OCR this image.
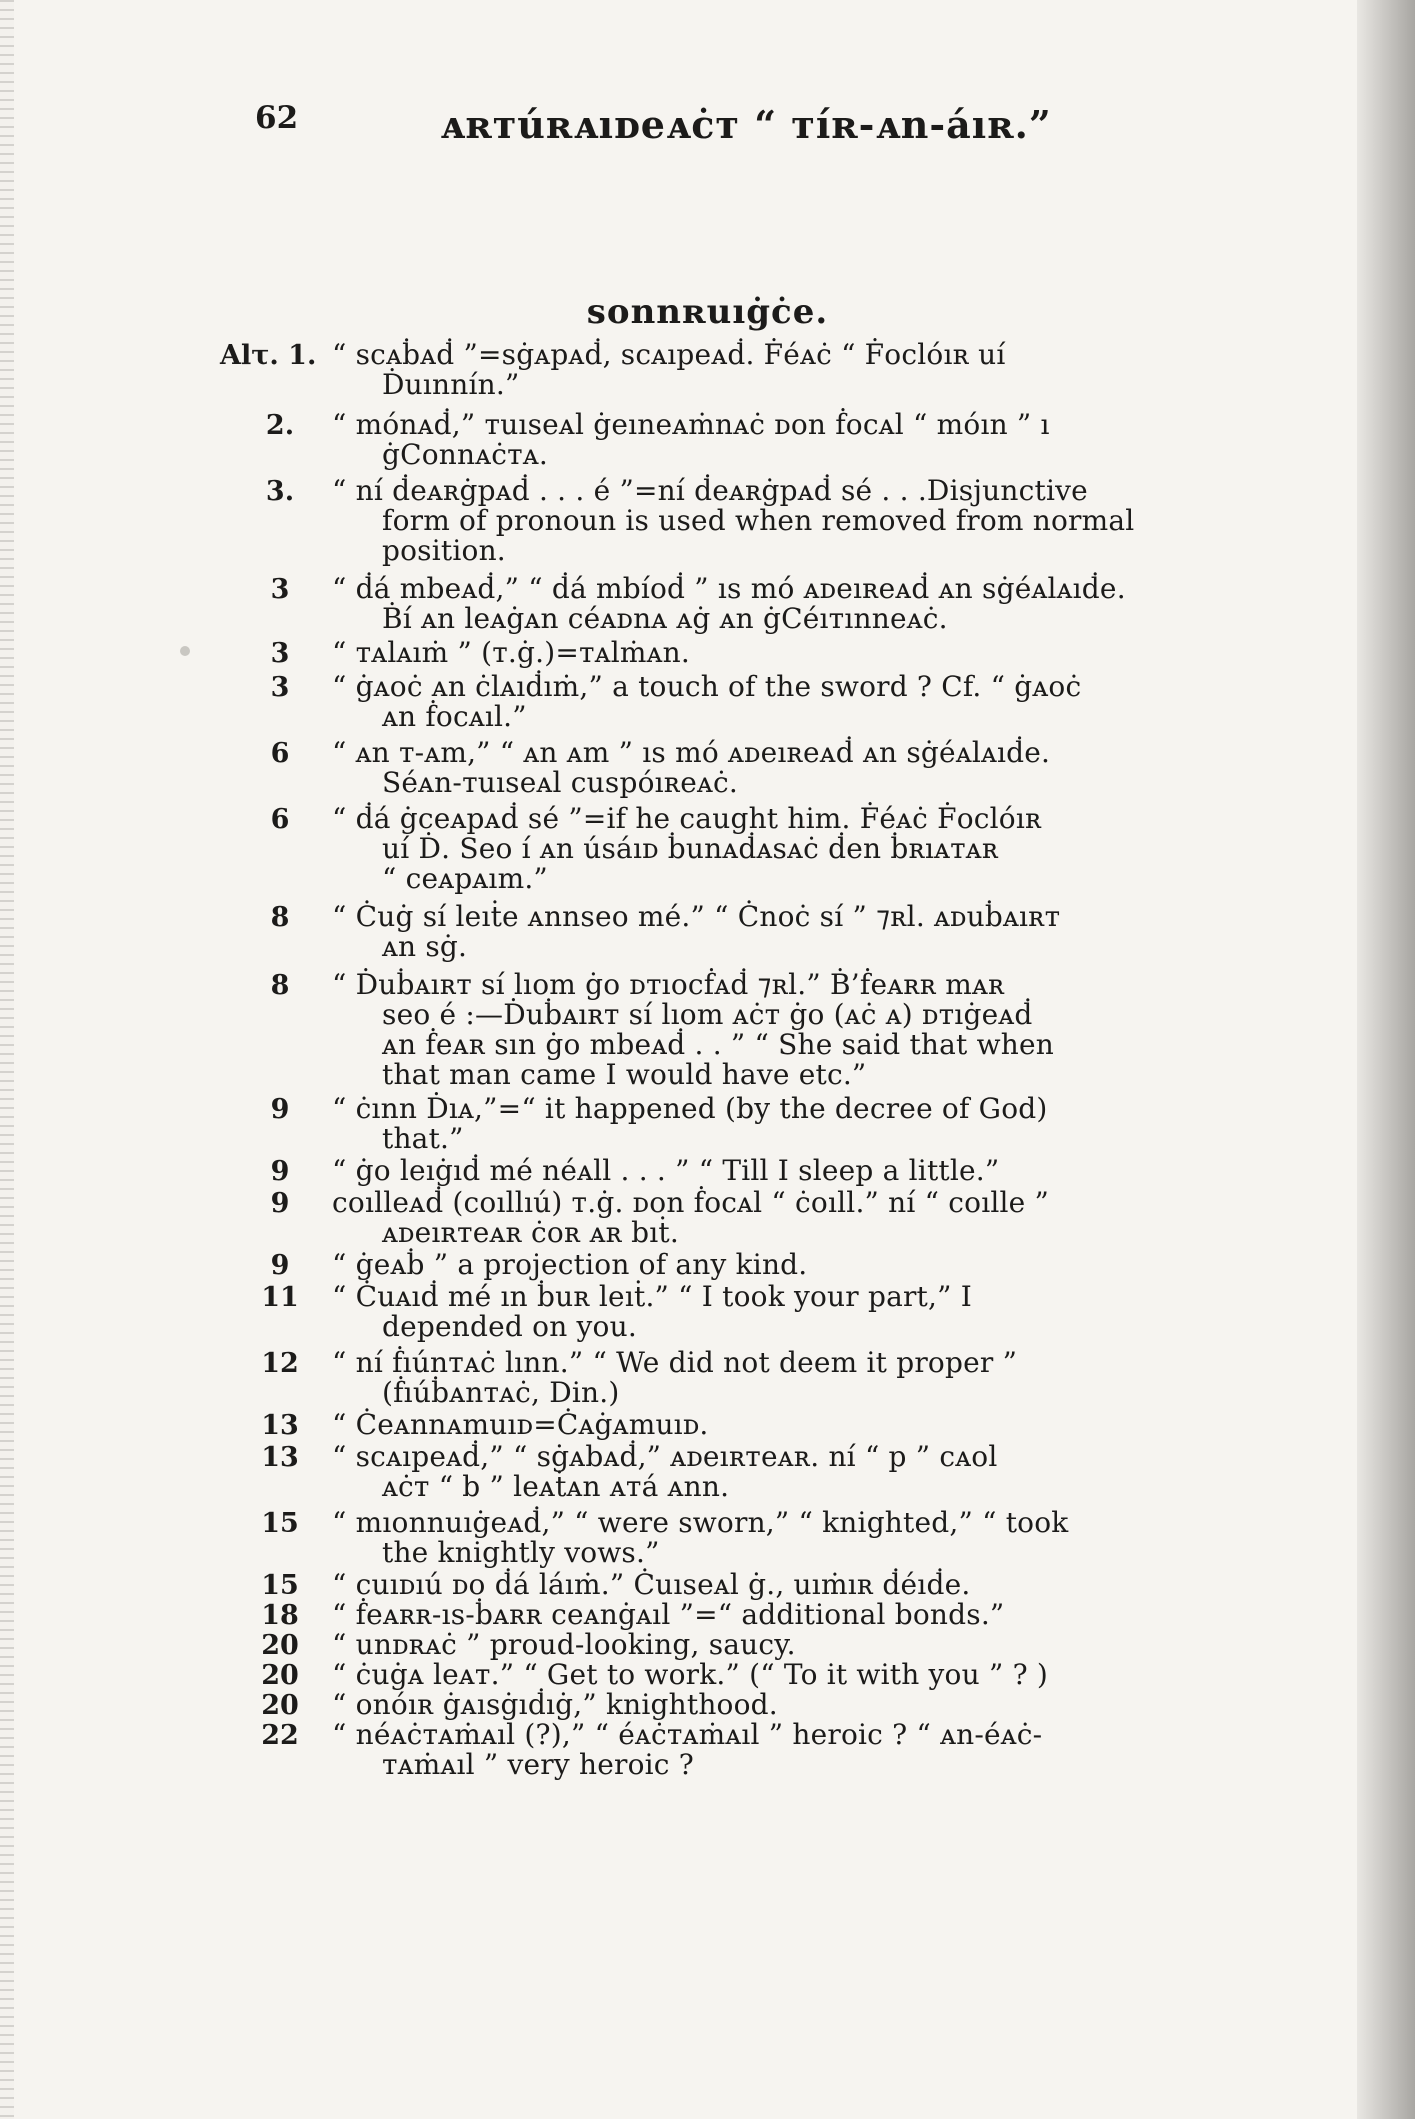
62	ᴀʀᴛúʀᴀıᴅeᴀċᴛ “ ᴛíʀ-ᴀn-áıʀ.”
sonnʀuıġċe.
Alτ. 1. “ scᴀḃᴀḋ ”=sġᴀpᴀḋ, scᴀıpeᴀḋ. Ḟéᴀċ “ Ḟoclóıʀ uí
Ḋuınnín.”
2.	“ mónᴀḋ,” ᴛuıseᴀl ġeıneᴀṁnᴀċ ᴅon ḟocᴀl “ móın ” ı
ġConnᴀċᴛᴀ.
3.	“ ní ḋeᴀʀġpᴀḋ . . . é ”=ní ḋeᴀʀġpᴀḋ sé . . .Disjunctive
form of pronoun is used when removed from normal
position.
3	“ ḋá mbeᴀḋ,” “ ḋá mbíoḋ ” ıs mó ᴀᴅeıʀeᴀḋ ᴀn sġéᴀlᴀıḋe.
Ḃí ᴀn leᴀġᴀn céᴀᴅnᴀ ᴀġ ᴀn ġCéıᴛınneᴀċ.
3	“ ᴛᴀlᴀıṁ ” (ᴛ.ġ.)=ᴛᴀlṁᴀn.
3	“ ġᴀoċ ᴀn ċlᴀıḋıṁ,” a touch of the sword ? Cf. “ ġᴀoċ
ᴀn ḟocᴀıl.”
6	“ ᴀn ᴛ-ᴀm,” “ ᴀn ᴀm ” ıs mó ᴀᴅeıʀeᴀḋ ᴀn sġéᴀlᴀıḋe.
Séᴀn-ᴛuıseᴀl cuspóıʀeᴀċ.
6	“ ḋá ġceᴀpᴀḋ sé ”=if he caught him. Ḟéᴀċ Ḟoclóıʀ
uí Ḋ. Seo í ᴀn úsáıᴅ ḃunᴀḋᴀsᴀċ ḋen ḃʀıᴀᴛᴀʀ
“ ceᴀpᴀım.”
8	“ Ċuġ sí leıṫe ᴀnnseo mé.” “ Ċnoċ sí ” ⁊ʀl. ᴀᴅuḃᴀıʀᴛ
ᴀn sġ.
8	“ Ḋuḃᴀıʀᴛ sí lıom ġo ᴅᴛıocḟᴀḋ ⁊ʀl.” Ḃ’ḟeᴀʀʀ mᴀʀ
seo é :—Ḋuḃᴀıʀᴛ sí lıom ᴀċᴛ ġo (ᴀċ ᴀ) ᴅᴛıġeᴀḋ
ᴀn ḟeᴀʀ sın ġo mbeᴀḋ . . ” “ She said that when
that man came I would have etc.”
9	“ ċınn Ḋıᴀ,”=“ it happened (by the decree of God)
that.”
9	“ ġo leıġıḋ mé néᴀll . . . ” “ Till I sleep a little.”
9	coılleᴀḋ (coıllıú) ᴛ.ġ. ᴅon ḟocᴀl “ ċoıll.” ní “ coılle ”
ᴀᴅeıʀᴛeᴀʀ ċoʀ ᴀʀ bıṫ.
9	“ ġeᴀḃ ” a projection of any kind.
11	“ Ċuᴀıḋ mé ın ḃuʀ leıṫ.” “ I took your part,” I
depended on you.
12	“ ní ḟıúnᴛᴀċ lınn.” “ We did not deem it proper ”
(ḟıúḃᴀnᴛᴀċ, Din.)
13	“ Ċeᴀnnᴀmuıᴅ=Ċᴀġᴀmuıᴅ.
13	“ scᴀıpeᴀḋ,” “ sġᴀbᴀḋ,” ᴀᴅeıʀᴛeᴀʀ. ní “ p ” cᴀol
ᴀċᴛ “ b ” leᴀṫᴀn ᴀᴛá ᴀnn.
15	“ mıonnuıġeᴀḋ,” “ were sworn,” “ knighted,” “ took
the knightly vows.”
15	“ cuıᴅıú ᴅo ḋá láıṁ.” Ċuıseᴀl ġ., uıṁıʀ ḋéıḋe.
18	“ ḟeᴀʀʀ-ıs-ḃᴀʀʀ ceᴀnġᴀıl ”=“ additional bonds.”
20	“ unᴅʀᴀċ ” proud-looking, saucy.
20	“ ċuġᴀ leᴀᴛ.” “ Get to work.” (“ To it with you ” ? )
20	“ onóıʀ ġᴀısġıḋıġ,” knighthood.
22	“ néᴀċᴛᴀṁᴀıl (?),” “ éᴀċᴛᴀṁᴀıl ” heroic ? “ ᴀn-éᴀċ-
ᴛᴀṁᴀıl ” very heroic ?
